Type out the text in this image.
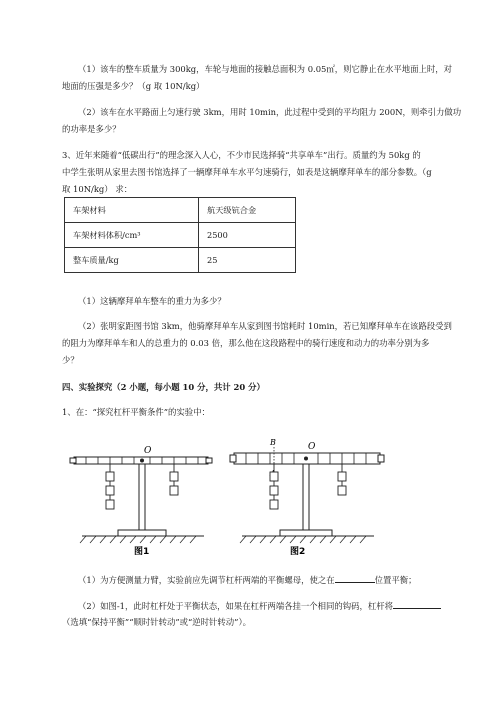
（1）该车的整车质量为 300kg，车轮与地面的接触总面积为 0.05㎡，则它静止在水平地面上时，对
地面的压强是多少？（g 取 10N/kg）
（2）该车在水平路面上匀速行驶 3km，用时 10min，此过程中受到的平均阻力 200N，则牵引力做功
的功率是多少？
3、近年来随着“低碳出行”的理念深入人心，不少市民选择骑“共享单车”出行。质量约为 50kg 的
中学生张明从家里去图书馆选择了一辆摩拜单车水平匀速骑行，如表是这辆摩拜单车的部分参数。（g
取 10N/kg） 求：
车架材料	航天级钪合金
车架材料体积/cm³	2500
整车质量/kg	25
（1）这辆摩拜单车整车的重力为多少？
（2）张明家距图书馆 3km，他骑摩拜单车从家到图书馆耗时 10min，若已知摩拜单车在该路段受到
的阻力为摩拜单车和人的总重力的 0.03 倍，那么他在这段路程中的骑行速度和动力的功率分别为多
少？
四、实验探究（2 小题，每小题 10 分，共计 20 分）
1、在：“探究杠杆平衡条件”的实验中：
O
图1
O
B
图2
（1）为方便测量力臂，实验前应先调节杠杆两端的平衡螺母，使之在	位置平衡；
（2）如图-1，此时杠杆处于平衡状态，如果在杠杆两端各挂一个相同的钩码，杠杆将
（选填“保持平衡”“顺时针转动”或“逆时针转动”）。
